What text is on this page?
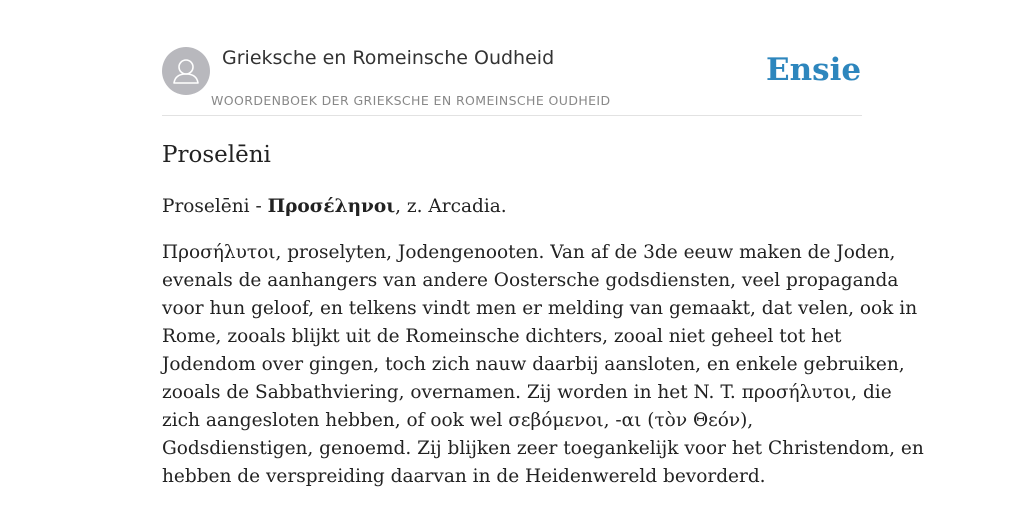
Grieksche en Romeinsche Oudheid
WOORDENBOEK DER GRIEKSCHE EN ROMEINSCHE OUDHEID
Ensie
Proselēni

Proselēni - Προσέληνοι, z. Arcadia.

Προσήλυτοι, proselyten, Jodengenooten. Van af de 3de eeuw maken de Joden,
evenals de aanhangers van andere Oostersche godsdiensten, veel propaganda
voor hun geloof, en telkens vindt men er melding van gemaakt, dat velen, ook in
Rome, zooals blijkt uit de Romeinsche dichters, zooal niet geheel tot het
Jodendom over gingen, toch zich nauw daarbij aansloten, en enkele gebruiken,
zooals de Sabbathviering, overnamen. Zij worden in het N. T. προσήλυτοι, die
zich aangesloten hebben, of ook wel σεβόμενοι, -αι (τὸν Θεόν),
Godsdienstigen, genoemd. Zij blijken zeer toegankelijk voor het Christendom, en
hebben de verspreiding daarvan in de Heidenwereld bevorderd.
